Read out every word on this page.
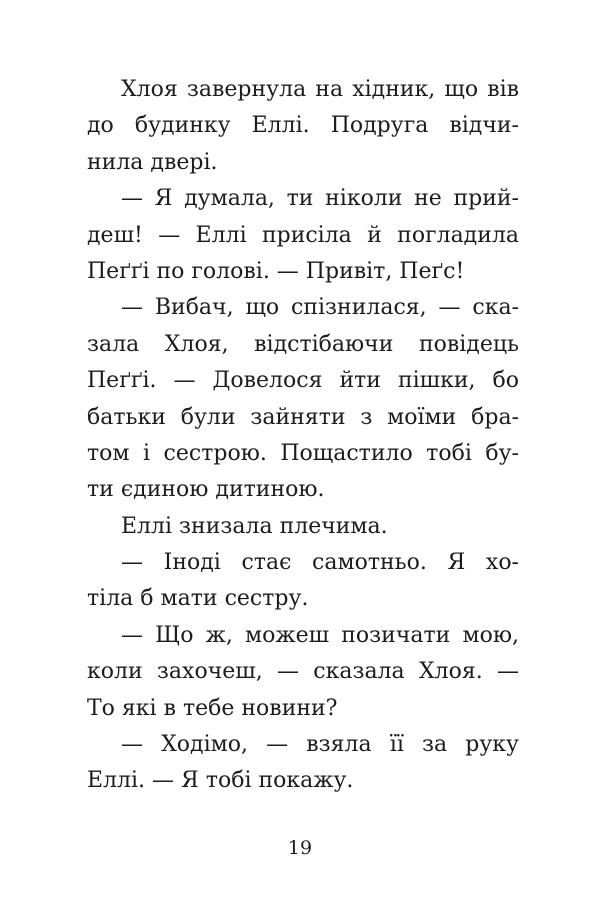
Хлоя завернула на хідник, що вів
до будинку Еллі. Подруга відчи-
нила двері.
— Я думала, ти ніколи не прий-
деш! — Еллі присіла й погладила
Пеґґі по голові. — Привіт, Пеґс!
— Вибач, що спізнилася, — ска-
зала Хлоя, відстібаючи повідець
Пеґґі. — Довелося йти пішки, бо
батьки були зайняти з моїми бра-
том і сестрою. Пощастило тобі бу-
ти єдиною дитиною.
Еллі знизала плечима.
— Іноді стає самотньо. Я хо-
тіла б мати сестру.
— Що ж, можеш позичати мою,
коли захочеш, — сказала Хлоя. —
То які в тебе новини?
— Ходімо, — взяла її за руку
Еллі. — Я тобі покажу.
19
